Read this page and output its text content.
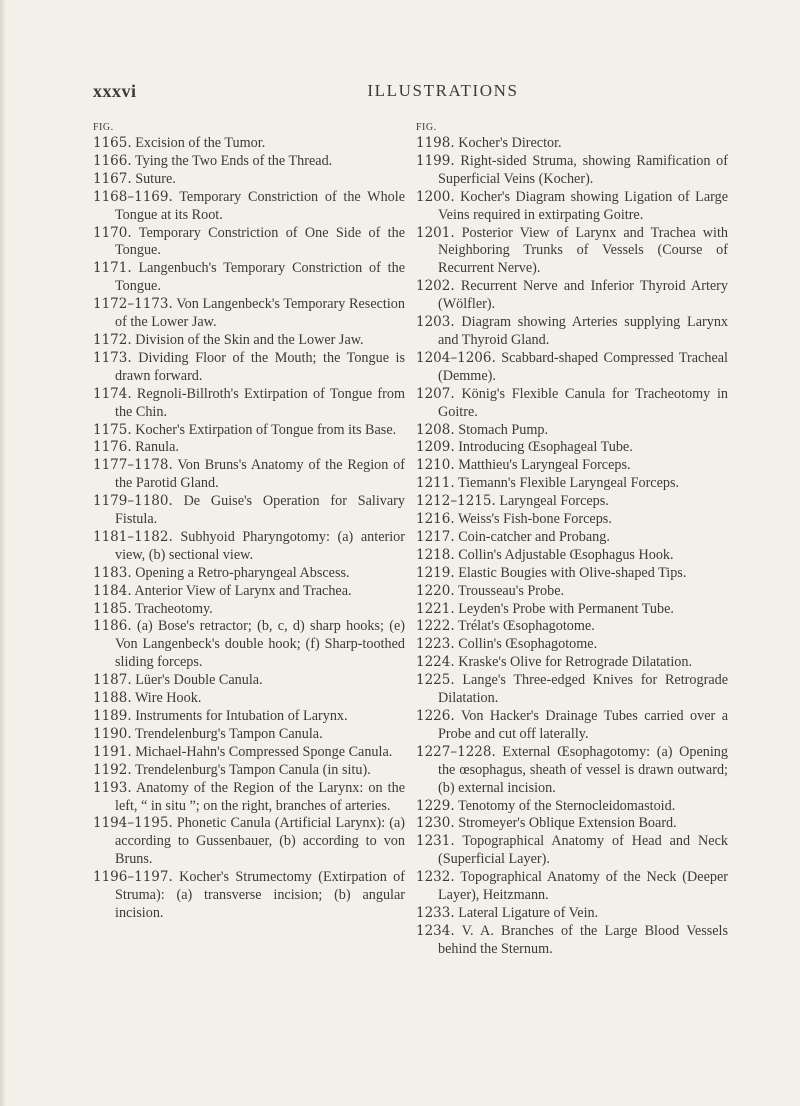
xxxvi	ILLUSTRATIONS
FIG.

1165. Excision of the Tumor.

1166. Tying the Two Ends of the Thread.

1167. Suture.

1168–1169. Temporary Constriction of the Whole Tongue at its Root.

1170. Temporary Constriction of One Side of the Tongue.

1171. Langenbuch's Temporary Constriction of the Tongue.

1172–1173. Von Langenbeck's Temporary Resection of the Lower Jaw.

1172. Division of the Skin and the Lower Jaw.

1173. Dividing Floor of the Mouth; the Tongue is drawn forward.

1174. Regnoli-Billroth's Extirpation of Tongue from the Chin.

1175. Kocher's Extirpation of Tongue from its Base.

1176. Ranula.

1177–1178. Von Bruns's Anatomy of the Region of the Parotid Gland.

1179–1180. De Guise's Operation for Salivary Fistula.

1181–1182. Subhyoid Pharyngotomy: (a) anterior view, (b) sectional view.

1183. Opening a Retro-pharyngeal Abscess.

1184. Anterior View of Larynx and Trachea.

1185. Tracheotomy.

1186. (a) Bose's retractor; (b, c, d) sharp hooks; (e) Von Langenbeck's double hook; (f) Sharp-toothed sliding forceps.

1187. Lüer's Double Canula.

1188. Wire Hook.

1189. Instruments for Intubation of Larynx.

1190. Trendelenburg's Tampon Canula.

1191. Michael-Hahn's Compressed Sponge Canula.

1192. Trendelenburg's Tampon Canula (in situ).

1193. Anatomy of the Region of the Larynx: on the left, “ in situ ”; on the right, branches of arteries.

1194–1195. Phonetic Canula (Artificial Larynx): (a) according to Gussenbauer, (b) according to von Bruns.

1196–1197. Kocher's Strumectomy (Extirpation of Struma): (a) transverse incision; (b) angular incision.

FIG.

1198. Kocher's Director.

1199. Right-sided Struma, showing Ramification of Superficial Veins (Kocher).

1200. Kocher's Diagram showing Ligation of Large Veins required in extirpating Goitre.

1201. Posterior View of Larynx and Trachea with Neighboring Trunks of Vessels (Course of Recurrent Nerve).

1202. Recurrent Nerve and Inferior Thyroid Artery (Wölfler).

1203. Diagram showing Arteries supplying Larynx and Thyroid Gland.

1204–1206. Scabbard-shaped Compressed Tracheal (Demme).

1207. König's Flexible Canula for Tracheotomy in Goitre.

1208. Stomach Pump.

1209. Introducing Œsophageal Tube.

1210. Matthieu's Laryngeal Forceps.

1211. Tiemann's Flexible Laryngeal Forceps.

1212–1215. Laryngeal Forceps.

1216. Weiss's Fish-bone Forceps.

1217. Coin-catcher and Probang.

1218. Collin's Adjustable Œsophagus Hook.

1219. Elastic Bougies with Olive-shaped Tips.

1220. Trousseau's Probe.

1221. Leyden's Probe with Permanent Tube.

1222. Trélat's Œsophagotome.

1223. Collin's Œsophagotome.

1224. Kraske's Olive for Retrograde Dilatation.

1225. Lange's Three-edged Knives for Retrograde Dilatation.

1226. Von Hacker's Drainage Tubes carried over a Probe and cut off laterally.

1227–1228. External Œsophagotomy: (a) Opening the œsophagus, sheath of vessel is drawn outward; (b) external incision.

1229. Tenotomy of the Sternocleidomastoid.

1230. Stromeyer's Oblique Extension Board.

1231. Topographical Anatomy of Head and Neck (Superficial Layer).

1232. Topographical Anatomy of the Neck (Deeper Layer), Heitzmann.

1233. Lateral Ligature of Vein.

1234. V. A. Branches of the Large Blood Vessels behind the Sternum.
